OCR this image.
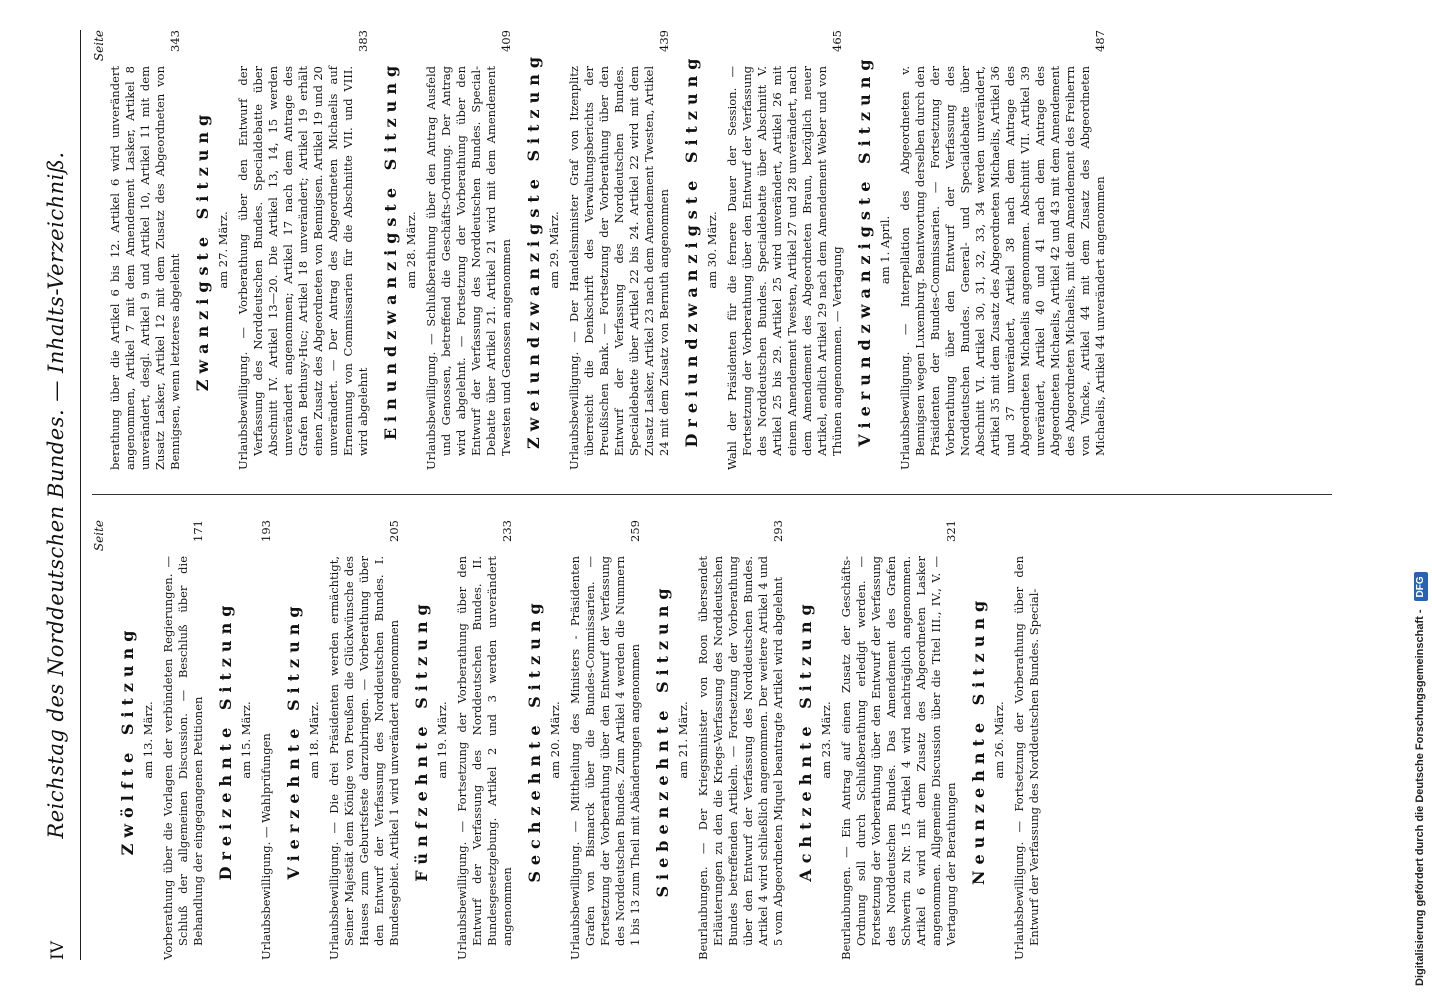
IV
Reichstag des Norddeutschen Bundes. — Inhalts-Verzeichniß. Seite
Zwölfte Sitzung am 13. März. Vorberathung über die Vorlagen der verbündeten Regierungen. — Schluß der allgemeinen Discussion. — Beschluß über die Behandlung der eingegangenen Petitionen
171
Dreizehnte Sitzung am 15. März. Urlaubsbewilligung. — Wahlprüfungen
193
Vierzehnte Sitzung am 18. März. Urlaubsbewilligung. — Die drei Präsidenten werden ermächtigt, Seiner Majestät dem Könige von Preußen die Glückwünsche des Hauses zum Geburtsfeste darzubringen. — Vorberathung über den Entwurf der Verfassung des Norddeutschen Bundes. I. Bundesgebiet. Artikel 1 wird unverändert angenommen
205
Fünfzehnte Sitzung am 19. März. Urlaubsbewilligung. — Fortsetzung der Vorberathung über den Entwurf der Verfassung des Norddeutschen Bundes. II. Bundesgesetzgebung. Artikel 2 und 3 werden unverändert angenommen
233
Sechzehnte Sitzung am 20. März. Urlaubsbewilligung. — Mittheilung des Ministers - Präsidenten Grafen von Bismarck über die Bundes-Commissarien. — Fortsetzung der Vorberathung über den Entwurf der Verfassung des Norddeutschen Bundes. Zum Artikel 4 werden die Nummern 1 bis 13 zum Theil mit Abänderungen angenommen
259
Siebenzehnte Sitzung am 21. März. Beurlaubungen. — Der Kriegsminister von Roon übersendet Erläuterungen zu den die Kriegs-Verfassung des Norddeutschen Bundes betreffenden Artikeln. — Fortsetzung der Vorberathung über den Entwurf der Verfassung des Norddeutschen Bundes. Artikel 4 wird schließlich angenommen. Der weitere Artikel 4 und 5 vom Abgeordneten Miquel beantragte Artikel wird abgelehnt
293
Achtzehnte Sitzung am 23. März. Beurlaubungen. — Ein Antrag auf einen Zusatz der Geschäfts-Ordnung soll durch Schlußberathung erledigt werden. — Fortsetzung der Vorberathung über den Entwurf der Verfassung des Norddeutschen Bundes. Das Amendement des Grafen Schwerin zu Nr. 15 Artikel 4 wird nachträglich angenommen. Artikel 6 wird mit dem Zusatz des Abgeordneten Lasker angenommen. Allgemeine Discussion über die Titel III., IV., V. — Vertagung der Berathungen
321
Neunzehnte Sitzung am 26. März. Urlaubsbewilligung. — Fortsetzung der Vorberathung über den Entwurf der Verfassung des Norddeutschen Bundes. Special-
Seite
berathung über die Artikel 6 bis 12. Artikel 6 wird unverändert angenommen, Artikel 7 mit dem Amendement Lasker, Artikel 8 unverändert, desgl. Artikel 9 und Artikel 10, Artikel 11 mit dem Zusatz Lasker, Artikel 12 mit dem Zusatz des Abgeordneten von Bennigsen, wenn letzteres abgelehnt
343
Zwanzigste Sitzung am 27. März. Urlaubsbewilligung. — Vorberathung über den Entwurf der Verfassung des Norddeutschen Bundes. Specialdebatte über Abschnitt IV. Artikel 13—20. Die Artikel 13, 14, 15 werden unverändert angenommen; Artikel 17 nach dem Antrage des Grafen Bethusy-Huc; Artikel 18 unverändert; Artikel 19 erhält einen Zusatz des Abgeordneten von Bennigsen. Artikel 19 und 20 unverändert. — Der Antrag des Abgeordneten Michaelis auf Ernennung von Commissarien für die Abschnitte VII. und VIII. wird abgelehnt
383
Einundzwanzigste Sitzung am 28. März. Urlaubsbewilligung. — Schlußberathung über den Antrag Ausfeld und Genossen, betreffend die Geschäfts-Ordnung. Der Antrag wird abgelehnt. — Fortsetzung der Vorberathung über den Entwurf der Verfassung des Norddeutschen Bundes. Special-Debatte über Artikel 21. Artikel 21 wird mit dem Amendement Twesten und Genossen angenommen
409
Zweiundzwanzigste Sitzung am 29. März. Urlaubsbewilligung. — Der Handelsminister Graf von Itzenplitz überreicht die Denkschrift des Verwaltungsberichts der Preußischen Bank. — Fortsetzung der Vorberathung über den Entwurf der Verfassung des Norddeutschen Bundes. Specialdebatte über Artikel 22 bis 24. Artikel 22 wird mit dem Zusatz Lasker, Artikel 23 nach dem Amendement Twesten, Artikel 24 mit dem Zusatz von Bernuth angenommen
439
Dreiundzwanzigste Sitzung am 30. März. Wahl der Präsidenten für die fernere Dauer der Session. — Fortsetzung der Vorberathung über den Entwurf der Verfassung des Norddeutschen Bundes. Specialdebatte über Abschnitt V. Artikel 25 bis 29. Artikel 25 wird unverändert, Artikel 26 mit einem Amendement Twesten, Artikel 27 und 28 unverändert, nach dem Amendement des Abgeordneten Braun, bezüglich neuer Artikel, endlich Artikel 29 nach dem Amendement Weber und von Thünen angenommen. — Vertagung
465
Vierundzwanzigste Sitzung am 1. April. Urlaubsbewilligung. — Interpellation des Abgeordneten v. Bennigsen wegen Luxemburg. Beantwortung derselben durch den Präsidenten der Bundes-Commissarien. — Fortsetzung der Vorberathung über den Entwurf der Verfassung des Norddeutschen Bundes. General- und Specialdebatte über Abschnitt VI. Artikel 30, 31, 32, 33, 34 werden unverändert, Artikel 35 mit dem Zusatz des Abgeordneten Michaelis, Artikel 36 und 37 unverändert, Artikel 38 nach dem Antrage des Abgeordneten Michaelis angenommen. Abschnitt VII. Artikel 39 unverändert, Artikel 40 und 41 nach dem Antrage des Abgeordneten Michaelis, Artikel 42 und 43 mit dem Amendement des Abgeordneten Michaelis, mit dem Amendement des Freiherrn von Vincke, Artikel 44 mit dem Zusatz des Abgeordneten Michaelis, Artikel 44 unverändert angenommen
487
Digitalisierung gefördert durch die Deutsche Forschungsgemeinschaft -DFG
